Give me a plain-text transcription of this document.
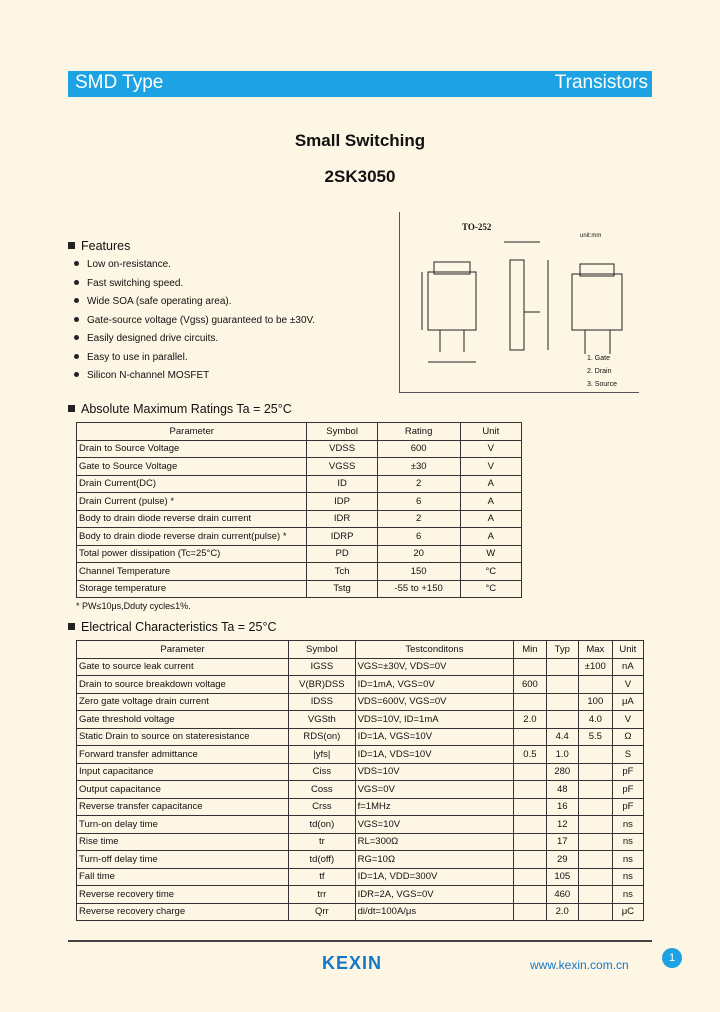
SMD Type	Transistors
Small Switching
2SK3050
Features
Low on-resistance.
Fast switching speed.
Wide SOA (safe operating area).
Gate-source voltage (Vgss) guaranteed to be ±30V.
Easily designed drive circuits.
Easy to use in parallel.
Silicon N-channel MOSFET
TO-252
unit:mm
1. Gate
2. Drain
3. Source
Absolute Maximum Ratings Ta = 25°C
Parameter	Symbol	Rating	Unit
Drain to Source Voltage	VDSS	600	V
Gate to Source Voltage	VGSS	±30	V
Drain Current(DC)	ID	2	A
Drain Current (pulse) *	IDP	6	A
Body to drain diode reverse drain current	IDR	2	A
Body to drain diode reverse drain current(pulse) *	IDRP	6	A
Total power dissipation (Tc=25°C)	PD	20	W
Channel Temperature	Tch	150	°C
Storage temperature	Tstg	-55 to +150	°C
* PW≤10μs,Dduty cycle≤1%.
Electrical Characteristics Ta = 25°C
Parameter	Symbol	Testconditons	Min	Typ	Max	Unit
Gate to source leak current	IGSS	VGS=±30V, VDS=0V			±100	nA
Drain to source breakdown voltage	V(BR)DSS	ID=1mA, VGS=0V	600			V
Zero gate voltage drain current	IDSS	VDS=600V, VGS=0V			100	μA
Gate threshold voltage	VGSth	VDS=10V, ID=1mA	2.0		4.0	V
Static Drain to source on stateresistance	RDS(on)	ID=1A, VGS=10V		4.4	5.5	Ω
Forward transfer admittance	|yfs|	ID=1A, VDS=10V	0.5	1.0		S
Input capacitance	Ciss	VDS=10V		280		pF
Output capacitance	Coss	VGS=0V		48		pF
Reverse transfer capacitance	Crss	f=1MHz		16		pF
Turn-on delay time	td(on)	VGS=10V		12		ns
Rise time	tr	RL=300Ω		17		ns
Turn-off delay time	td(off)	RG=10Ω		29		ns
Fall time	tf	ID=1A, VDD=300V		105		ns
Reverse recovery time	trr	IDR=2A, VGS=0V		460		ns
Reverse recovery charge	Qrr	di/dt=100A/μs		2.0		μC
KEXIN	www.kexin.com.cn	1
